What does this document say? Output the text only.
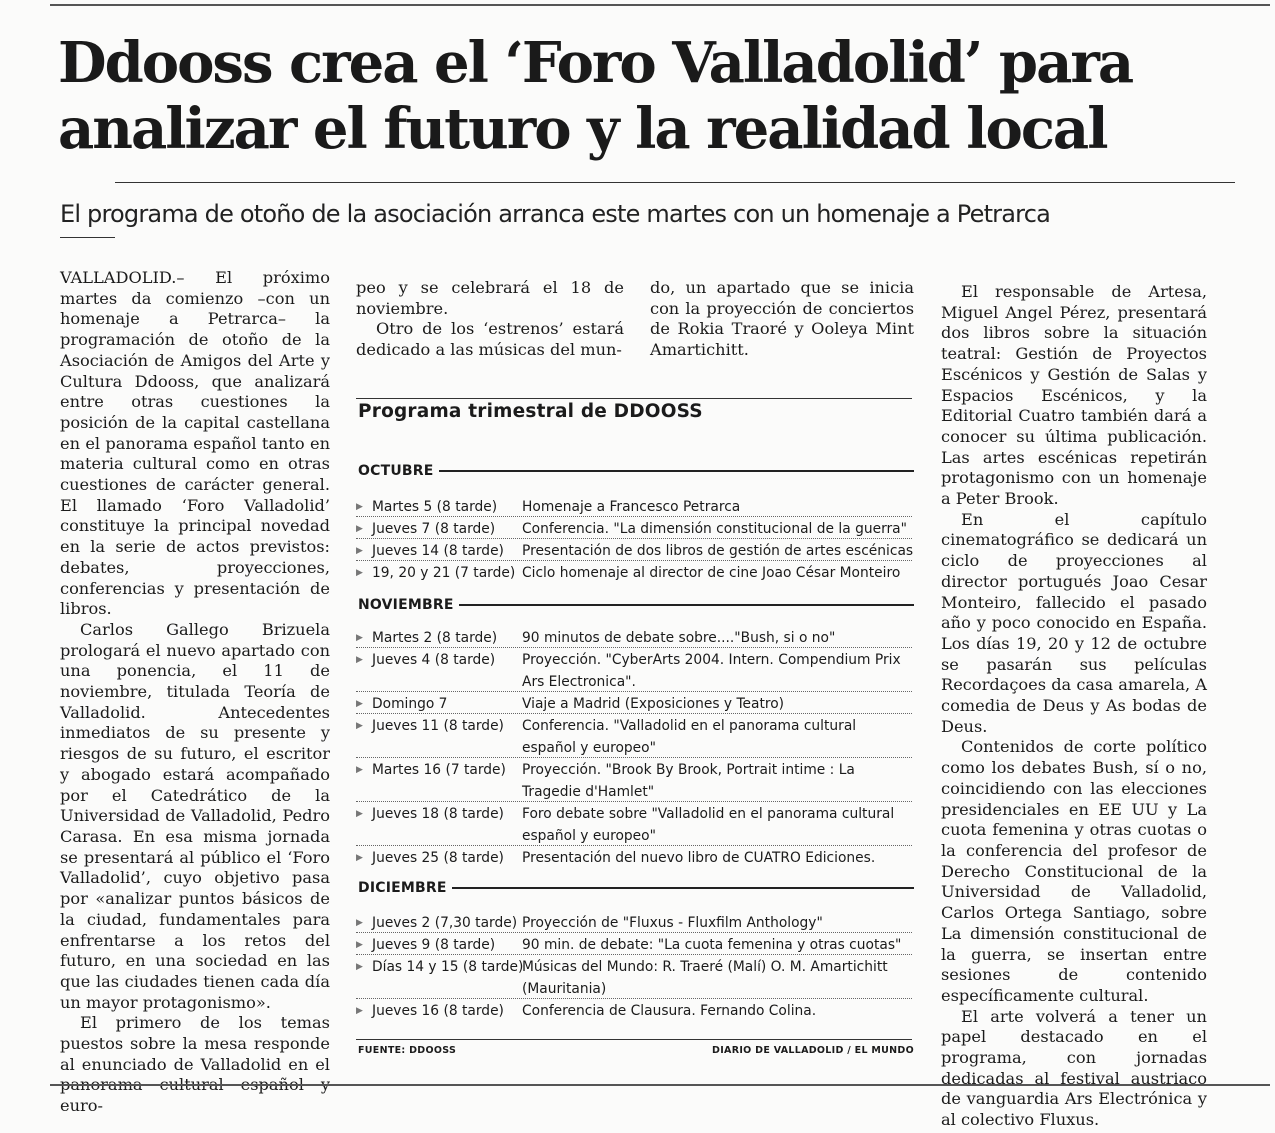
Ddooss crea el ‘Foro Valladolid’ para
analizar el futuro y la realidad local
El programa de otoño de la asociación arranca este martes con un homenaje a Petrarca

VALLADOLID.– El próximo martes da comienzo –con un homenaje a Petrarca– la programación de otoño de la Asociación de Amigos del Arte y Cultura Ddooss, que analizará entre otras cuestiones la posición de la capital castellana en el panorama español tanto en materia cultural como en otras cuestiones de carácter general. El llamado ‘Foro Valladolid’ constituye la principal novedad en la serie de actos previstos: debates, proyecciones, conferencias y presentación de libros.

Carlos Gallego Brizuela prologará el nuevo apartado con una ponencia, el 11 de noviembre, titulada Teoría de Valladolid. Antecedentes inmediatos de su presente y riesgos de su futuro, el escritor y abogado estará acompañado por el Catedrático de la Universidad de Valladolid, Pedro Carasa. En esa misma jornada se presentará al público el ‘Foro Valladolid’, cuyo objetivo pasa por «analizar puntos básicos de la ciudad, fundamentales para enfrentarse a los retos del futuro, en una sociedad en las que las ciudades tienen cada día un mayor protagonismo».

El primero de los temas puestos sobre la mesa responde al enunciado de Valladolid en el panorama cultural español y euro-

peo y se celebrará el 18 de noviembre.

Otro de los ‘estrenos’ estará dedicado a las músicas del mun-

do, un apartado que se inicia con la proyección de conciertos de Rokia Traoré y Ooleya Mint Amartichitt.

El responsable de Artesa, Miguel Angel Pérez, presentará dos libros sobre la situación teatral: Gestión de Proyectos Escénicos y Gestión de Salas y Espacios Escénicos, y la Editorial Cuatro también dará a conocer su última publicación. Las artes escénicas repetirán protagonismo con un homenaje a Peter Brook.

En el capítulo cinematográfico se dedicará un ciclo de proyecciones al director portugués Joao Cesar Monteiro, fallecido el pasado año y poco conocido en España. Los días 19, 20 y 12 de octubre se pasarán sus películas Recordaçoes da casa amarela, A comedia de Deus y As bodas de Deus.

Contenidos de corte político como los debates Bush, sí o no, coincidiendo con las elecciones presidenciales en EE UU y La cuota femenina y otras cuotas o la conferencia del profesor de Derecho Constitucional de la Universidad de Valladolid, Carlos Ortega Santiago, sobre La dimensión constitucional de la guerra, se insertan entre sesiones de contenido específicamente cultural.

El arte volverá a tener un papel destacado en el programa, con jornadas dedicadas al festival austriaco de vanguardia Ars Electrónica y al colectivo Fluxus.

Programa trimestral de DDOOSS
OCTUBRE
▶ Martes 5 (8 tarde) Homenaje a Francesco Petrarca
▶ Jueves 7 (8 tarde) Conferencia. "La dimensión constitucional de la guerra"
▶ Jueves 14 (8 tarde) Presentación de dos libros de gestión de artes escénicas
▶ 19, 20 y 21 (7 tarde) Ciclo homenaje al director de cine Joao César Monteiro
NOVIEMBRE
▶ Martes 2 (8 tarde) 90 minutos de debate sobre...."Bush, si o no"
▶ Jueves 4 (8 tarde) Proyección. "CyberArts 2004. Intern. Compendium Prix Ars Electronica".
▶ Domingo 7	Viaje a Madrid (Exposiciones y Teatro)
▶ Jueves 11 (8 tarde) Conferencia. "Valladolid en el panorama cultural español y europeo"
▶ Martes 16 (7 tarde) Proyección. "Brook By Brook, Portrait intime : La Tragedie d'Hamlet"
▶ Jueves 18 (8 tarde) Foro debate sobre "Valladolid en el panorama cultural español y europeo"
▶ Jueves 25 (8 tarde) Presentación del nuevo libro de CUATRO Ediciones.
DICIEMBRE
▶ Jueves 2 (7,30 tarde) Proyección de "Fluxus - Fluxfilm Anthology"
▶ Jueves 9 (8 tarde) 90 min. de debate: "La cuota femenina y otras cuotas"
▶ Días 14 y 15 (8 tarde)
Músicas del Mundo: R. Traeré (Malí) O. M. Amartichitt (Mauritania)
▶ Jueves 16 (8 tarde) Conferencia de Clausura. Fernando Colina.
FUENTE: DDOOSS	DIARIO DE VALLADOLID / EL MUNDO
